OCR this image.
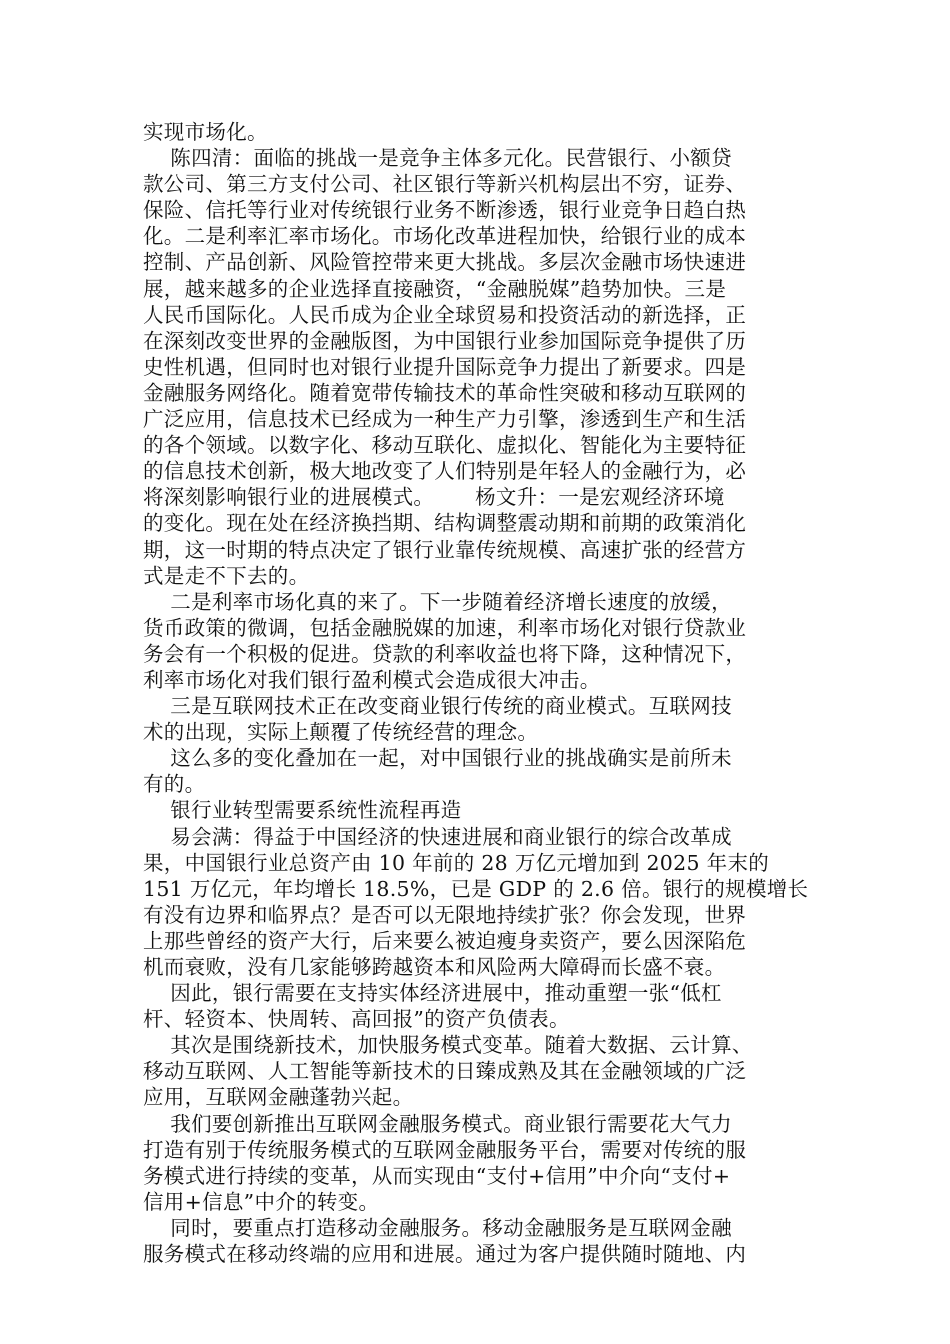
实现市场化。
陈四清：面临的挑战一是竞争主体多元化。民营银行、小额贷
款公司、第三方支付公司、社区银行等新兴机构层出不穷，证券、
保险、信托等行业对传统银行业务不断渗透，银行业竞争日趋白热
化。二是利率汇率市场化。市场化改革进程加快，给银行业的成本
控制、产品创新、风险管控带来更大挑战。多层次金融市场快速进
展，越来越多的企业选择直接融资，“金融脱媒”趋势加快。三是
人民币国际化。人民币成为企业全球贸易和投资活动的新选择，正
在深刻改变世界的金融版图，为中国银行业参加国际竞争提供了历
史性机遇，但同时也对银行业提升国际竞争力提出了新要求。四是
金融服务网络化。随着宽带传输技术的革命性突破和移动互联网的
广泛应用，信息技术已经成为一种生产力引擎，渗透到生产和生活
的各个领域。以数字化、移动互联化、虚拟化、智能化为主要特征
的信息技术创新，极大地改变了人们特别是年轻人的金融行为，必
将深刻影响银行业的进展模式。      杨文升：一是宏观经济环境
的变化。现在处在经济换挡期、结构调整震动期和前期的政策消化
期，这一时期的特点决定了银行业靠传统规模、高速扩张的经营方
式是走不下去的。
二是利率市场化真的来了。下一步随着经济增长速度的放缓，
货币政策的微调，包括金融脱媒的加速，利率市场化对银行贷款业
务会有一个积极的促进。贷款的利率收益也将下降，这种情况下，
利率市场化对我们银行盈利模式会造成很大冲击。
三是互联网技术正在改变商业银行传统的商业模式。互联网技
术的出现，实际上颠覆了传统经营的理念。
这么多的变化叠加在一起，对中国银行业的挑战确实是前所未
有的。
银行业转型需要系统性流程再造
易会满：得益于中国经济的快速进展和商业银行的综合改革成
果，中国银行业总资产由 10 年前的 28 万亿元增加到 2025 年末的
151 万亿元，年均增长 18.5%，已是 GDP 的 2.6 倍。银行的规模增长
有没有边界和临界点？是否可以无限地持续扩张？你会发现，世界
上那些曾经的资产大行，后来要么被迫瘦身卖资产，要么因深陷危
机而衰败，没有几家能够跨越资本和风险两大障碍而长盛不衰。
因此，银行需要在支持实体经济进展中，推动重塑一张“低杠
杆、轻资本、快周转、高回报”的资产负债表。
其次是围绕新技术，加快服务模式变革。随着大数据、云计算、
移动互联网、人工智能等新技术的日臻成熟及其在金融领域的广泛
应用，互联网金融蓬勃兴起。
我们要创新推出互联网金融服务模式。商业银行需要花大气力
打造有别于传统服务模式的互联网金融服务平台，需要对传统的服
务模式进行持续的变革，从而实现由“支付+信用”中介向“支付+
信用+信息”中介的转变。
同时，要重点打造移动金融服务。移动金融服务是互联网金融
服务模式在移动终端的应用和进展。通过为客户提供随时随地、内
